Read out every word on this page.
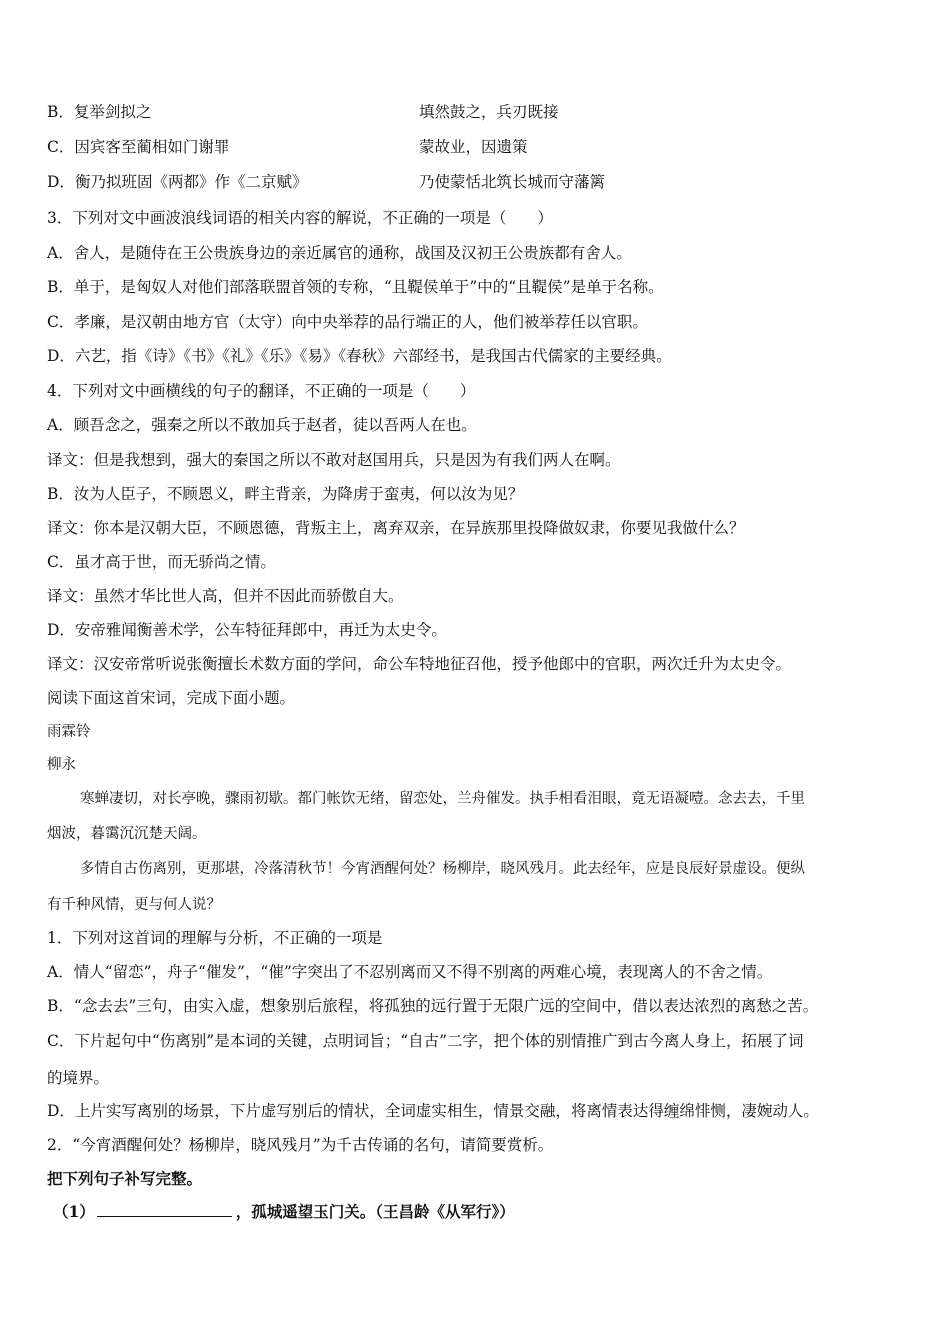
B．复举剑拟之	填然鼓之，兵刃既接
C．因宾客至蔺相如门谢罪	蒙故业，因遗策
D．衡乃拟班固《两都》作《二京赋》	乃使蒙恬北筑长城而守藩篱
3．下列对文中画波浪线词语的相关内容的解说，不正确的一项是（　　）
A．舍人，是随侍在王公贵族身边的亲近属官的通称，战国及汉初王公贵族都有舍人。
B．单于，是匈奴人对他们部落联盟首领的专称，“且鞮侯单于”中的“且鞮侯”是单于名称。
C．孝廉，是汉朝由地方官（太守）向中央举荐的品行端正的人，他们被举荐任以官职。
D．六艺，指《诗》《书》《礼》《乐》《易》《春秋》六部经书，是我国古代儒家的主要经典。
4．下列对文中画横线的句子的翻译，不正确的一项是（　　）
A．顾吾念之，强秦之所以不敢加兵于赵者，徒以吾两人在也。
译文：但是我想到，强大的秦国之所以不敢对赵国用兵，只是因为有我们两人在啊。
B．汝为人臣子，不顾恩义，畔主背亲，为降虏于蛮夷，何以汝为见？
译文：你本是汉朝大臣，不顾恩德，背叛主上，离弃双亲，在异族那里投降做奴隶，你要见我做什么？
C．虽才高于世，而无骄尚之情。
译文：虽然才华比世人高，但并不因此而骄傲自大。
D．安帝雅闻衡善术学，公车特征拜郎中，再迁为太史令。
译文：汉安帝常听说张衡擅长术数方面的学问，命公车特地征召他，授予他郎中的官职，两次迁升为太史令。
阅读下面这首宋词，完成下面小题。
雨霖铃
柳永
寒蝉凄切，对长亭晚，骤雨初歇。都门帐饮无绪，留恋处，兰舟催发。执手相看泪眼，竟无语凝噎。念去去，千里
烟波，暮霭沉沉楚天阔。
多情自古伤离别，更那堪，冷落清秋节！今宵酒醒何处？杨柳岸，晓风残月。此去经年，应是良辰好景虚设。便纵
有千种风情，更与何人说？
1．下列对这首词的理解与分析，不正确的一项是
A．情人“留恋”，舟子“催发”，“催”字突出了不忍别离而又不得不别离的两难心境，表现离人的不舍之情。
B．“念去去”三句，由实入虚，想象别后旅程，将孤独的远行置于无限广远的空间中，借以表达浓烈的离愁之苦。
C．下片起句中“伤离别”是本词的关键，点明词旨；“自古”二字，把个体的别情推广到古今离人身上，拓展了词
的境界。
D．上片实写离别的场景，下片虚写别后的情状，全词虚实相生，情景交融，将离情表达得缠绵悱恻，凄婉动人。
2．“今宵酒醒何处？杨柳岸，晓风残月”为千古传诵的名句，请简要赏析。
把下列句子补写完整。
（1）	，孤城遥望玉门关。（王昌龄《从军行》）
